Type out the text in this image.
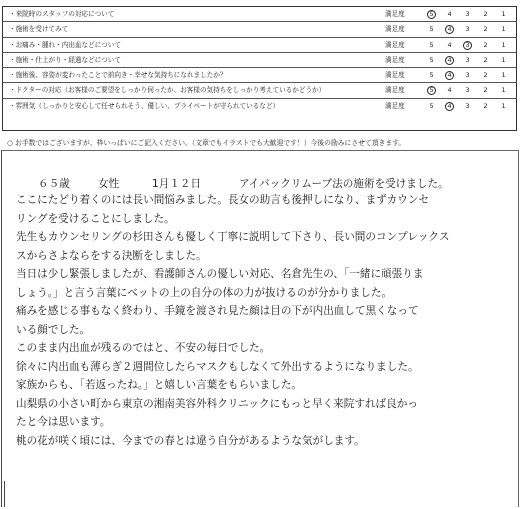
・来院時のスタッフの対応について	満足度	5	4	3	2	1
・施術を受けてみて	満足度	5	4	3	2	1
・お痛み・腫れ・内出血などについて	満足度	5	4	3	2	1
・施術・仕上がり・経過などについて	満足度	5	4	3	2	1
・施術後、容姿が変わったことで前向き・幸せな気持ちになれましたか？	満足度	5	4	3	2	1
・ドクターの対応（お客様のご要望をしっかり伺ったか、お客様の気持ちをしっかり考えているかどうか）	満足度	5	4	3	2	1
・雰囲気（しっかりと安心して任せられそう、優しい、プライベートが守られているなど）	満足度	5	4	3	2	1
○ お手数ではございますが、枠いっぱいにご記入ください。（文章でもイラストでも大歓迎です！）今後の励みにさせて頂きます。
６５歳	女性	1月１２日	アイバックリムーブ法の施術を受けました。
ここにたどり着くのには長い間悩みました。長女の助言も後押しになり、まずカウンセ
リングを受けることにしました。
先生もカウンセリングの杉田さんも優しく丁寧に説明して下さり、長い間のコンプレックス
スからさよならをする決断をしました。
当日は少し緊張しましたが、看護師さんの優しい対応、名倉先生の、「一緒に頑張りま
しょう。」と言う言葉にベットの上の自分の体の力が抜けるのが分かりました。
痛みを感じる事もなく終わり、手鏡を渡され見た顔は目の下が内出血して黒くなって
いる顔でした。
このまま内出血が残るのではと、不安の毎日でした。
徐々に内出血も薄らぎ２週間位したらマスクもしなくて外出するようになりました。
家族からも、「若返ったね。」と嬉しい言葉をもらいました。
山梨県の小さい町から東京の湘南美容外科クリニックにもっと早く来院すれば良かっ
たと今は思います。
桃の花が咲く頃には、今までの春とは違う自分があるような気がします。
